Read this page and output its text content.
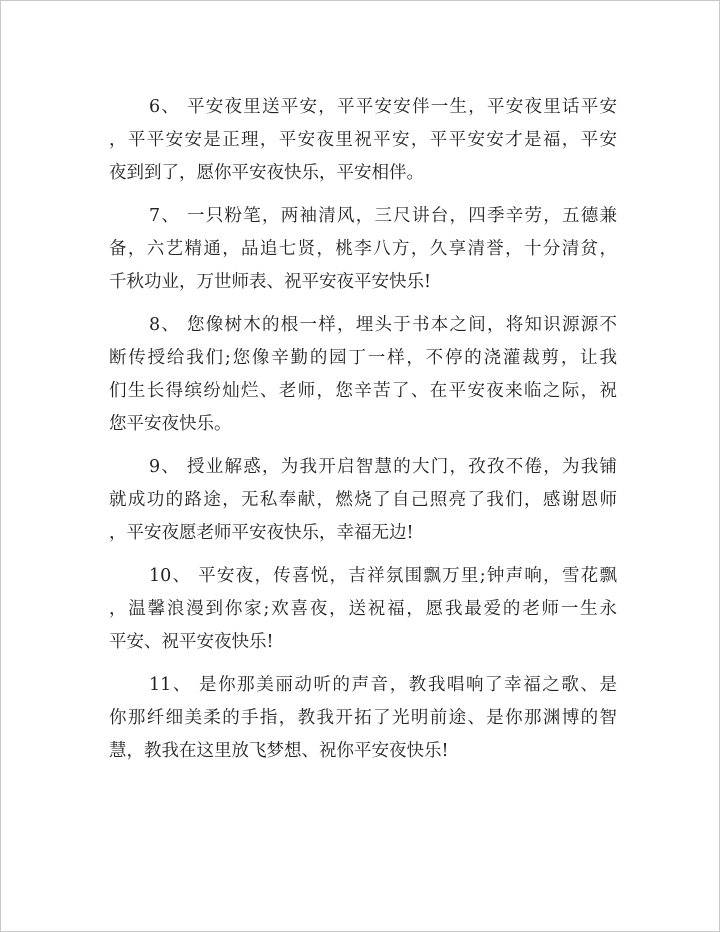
6、 平安夜里送平安，平平安安伴一生，平安夜里话平安
，平平安安是正理，平安夜里祝平安，平平安安才是福，平安
夜到到了，愿你平安夜快乐，平安相伴。
7、 一只粉笔，两袖清风，三尺讲台，四季辛劳，五德兼
备，六艺精通，品追七贤，桃李八方，久享清誉，十分清贫，
千秋功业，万世师表、祝平安夜平安快乐!
8、 您像树木的根一样，埋头于书本之间，将知识源源不
断传授给我们;您像辛勤的园丁一样，不停的浇灌裁剪，让我
们生长得缤纷灿烂、老师，您辛苦了、在平安夜来临之际，祝
您平安夜快乐。
9、 授业解惑，为我开启智慧的大门，孜孜不倦，为我铺
就成功的路途，无私奉献，燃烧了自己照亮了我们，感谢恩师
，平安夜愿老师平安夜快乐，幸福无边!
10、 平安夜，传喜悦，吉祥氛围飘万里;钟声响，雪花飘
，温馨浪漫到你家;欢喜夜，送祝福，愿我最爱的老师一生永
平安、祝平安夜快乐!
11、 是你那美丽动听的声音，教我唱响了幸福之歌、是
你那纤细美柔的手指，教我开拓了光明前途、是你那渊博的智
慧，教我在这里放飞梦想、祝你平安夜快乐!
